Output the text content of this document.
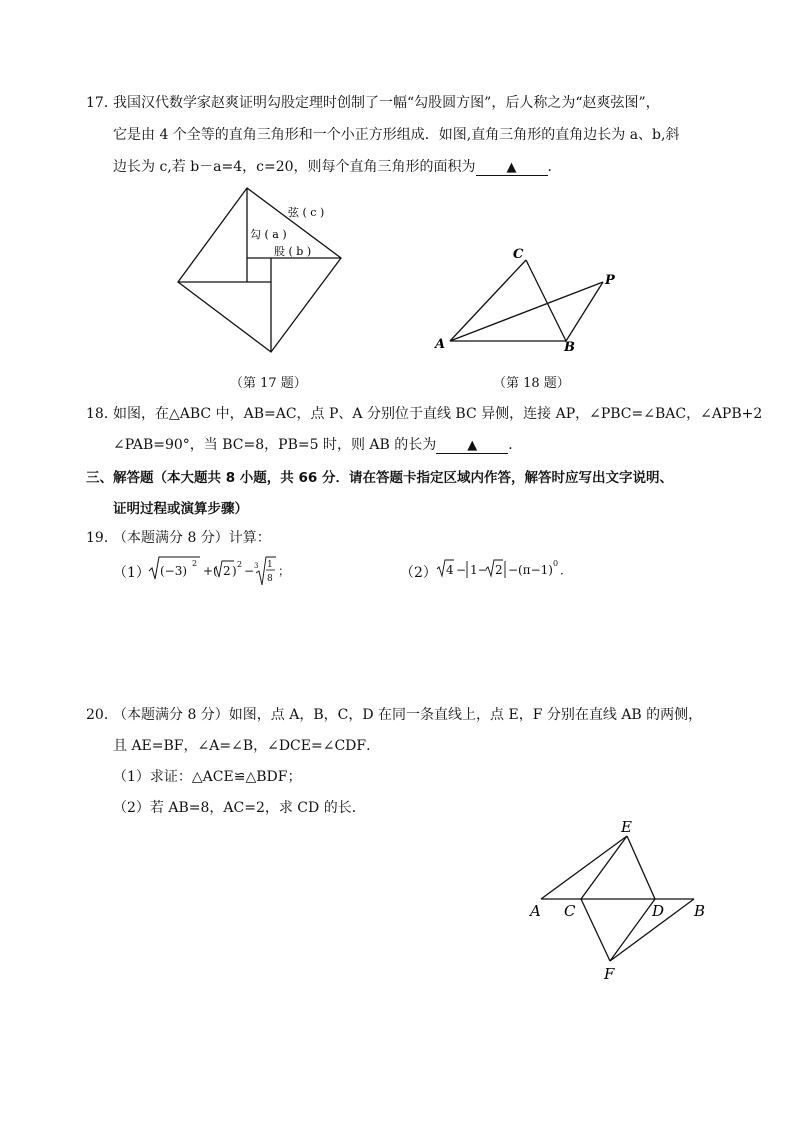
17．
我国汉代数学家赵爽证明勾股定理时创制了一幅“勾股圆方图”，后人称之为“赵爽弦图”，
它是由 4 个全等的直角三角形和一个小正方形组成．如图,直角三角形的直角边长为 a、b,斜
边长为 c,若 b－a=4，c=20，则每个直角三角形的面积为 ▲ ．
弦 ( c )
勾 ( a )
股 ( b )
（第 17 题）
C
P
A	B
（第 18 题）
18．
如图，在△ABC 中，AB=AC，点 P、A 分别位于直线 BC 异侧，连接 AP，∠PBC=∠BAC，∠APB+2
∠PAB=90°，当 BC=8，PB=5 时，则 AB 的长为 ▲ ．
三、解答题（本大题共 8 小题，共 66 分．请在答题卡指定区域内作答，解答时应写出文字说明、
证明过程或演算步骤）
19．
（本题满分 8 分）计算：
（1） (−3)
2
+( 2 ) 2 − 3 1
8
；	（2） 4 − 1− 2 − (π−1) 0 ．
20．
（本题满分 8 分）如图，点 A，B，C，D 在同一条直线上，点 E，F 分别在直线 AB 的两侧，
且 AE=BF，∠A=∠B，∠DCE=∠CDF．
（1）求证：△ACE≌△BDF；
（2）若 AB=8，AC=2，求 CD 的长．
E
A C	D B
F
